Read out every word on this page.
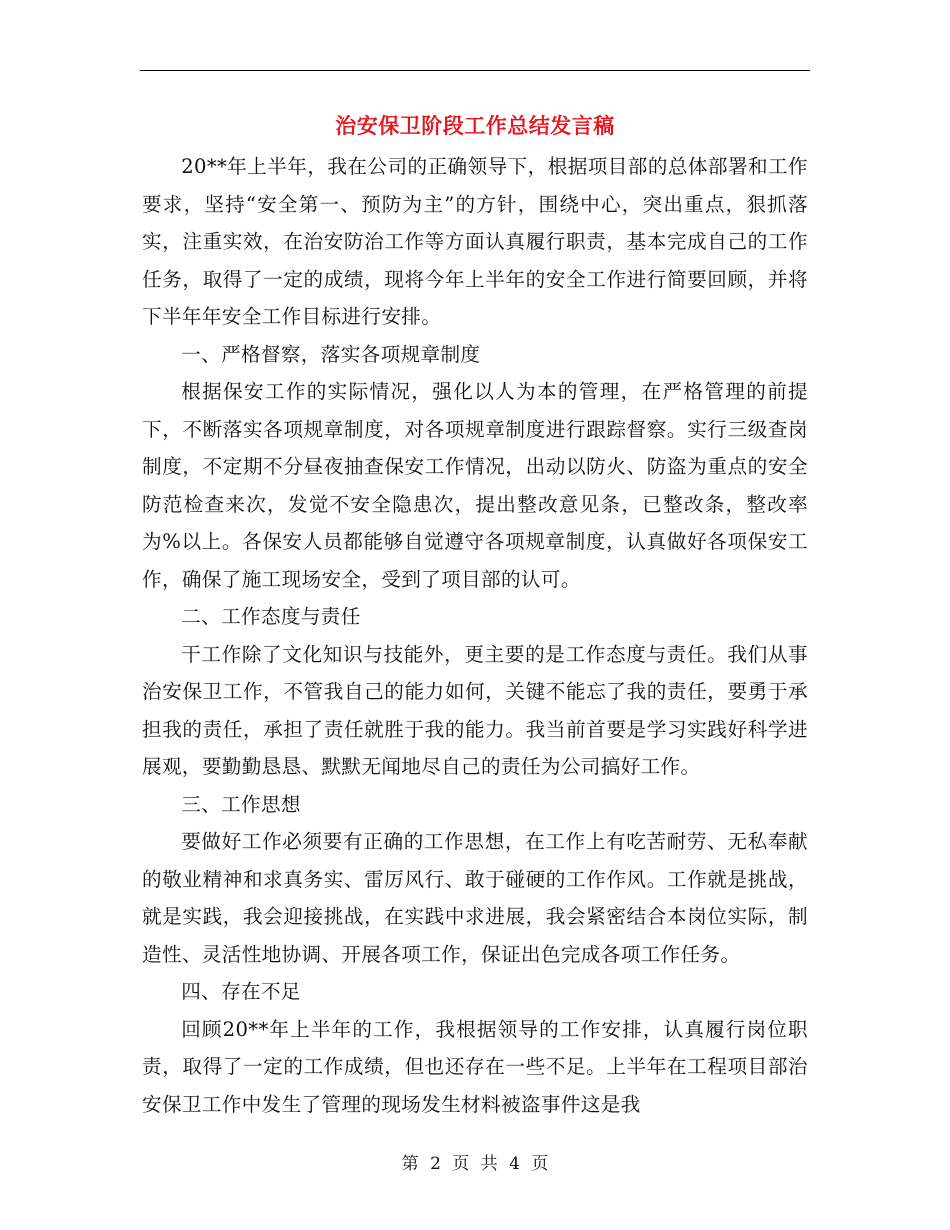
治安保卫阶段工作总结发言稿

20**年上半年，我在公司的正确领导下，根据项目部的总体部署和工作要求，坚持“安全第一、预防为主”的方针，围绕中心，突出重点，狠抓落实，注重实效，在治安防治工作等方面认真履行职责，基本完成自己的工作任务，取得了一定的成绩，现将今年上半年的安全工作进行简要回顾，并将下半年年安全工作目标进行安排。

一、严格督察，落实各项规章制度

根据保安工作的实际情况，强化以人为本的管理，在严格管理的前提下，不断落实各项规章制度，对各项规章制度进行跟踪督察。实行三级查岗制度，不定期不分昼夜抽查保安工作情况，出动以防火、防盗为重点的安全防范检查来次，发觉不安全隐患次，提出整改意见条，已整改条，整改率为%以上。各保安人员都能够自觉遵守各项规章制度，认真做好各项保安工作，确保了施工现场安全，受到了项目部的认可。

二、工作态度与责任

干工作除了文化知识与技能外，更主要的是工作态度与责任。我们从事治安保卫工作，不管我自己的能力如何，关键不能忘了我的责任，要勇于承担我的责任，承担了责任就胜于我的能力。我当前首要是学习实践好科学进展观，要勤勤恳恳、默默无闻地尽自己的责任为公司搞好工作。

三、工作思想

要做好工作必须要有正确的工作思想，在工作上有吃苦耐劳、无私奉献的敬业精神和求真务实、雷厉风行、敢于碰硬的工作作风。工作就是挑战，就是实践，我会迎接挑战，在实践中求进展，我会紧密结合本岗位实际，制造性、灵活性地协调、开展各项工作，保证出色完成各项工作任务。

四、存在不足

回顾20**年上半年的工作，我根据领导的工作安排，认真履行岗位职责，取得了一定的工作成绩，但也还存在一些不足。上半年在工程项目部治安保卫工作中发生了管理的现场发生材料被盗事件这是我

第 2 页 共 4 页
